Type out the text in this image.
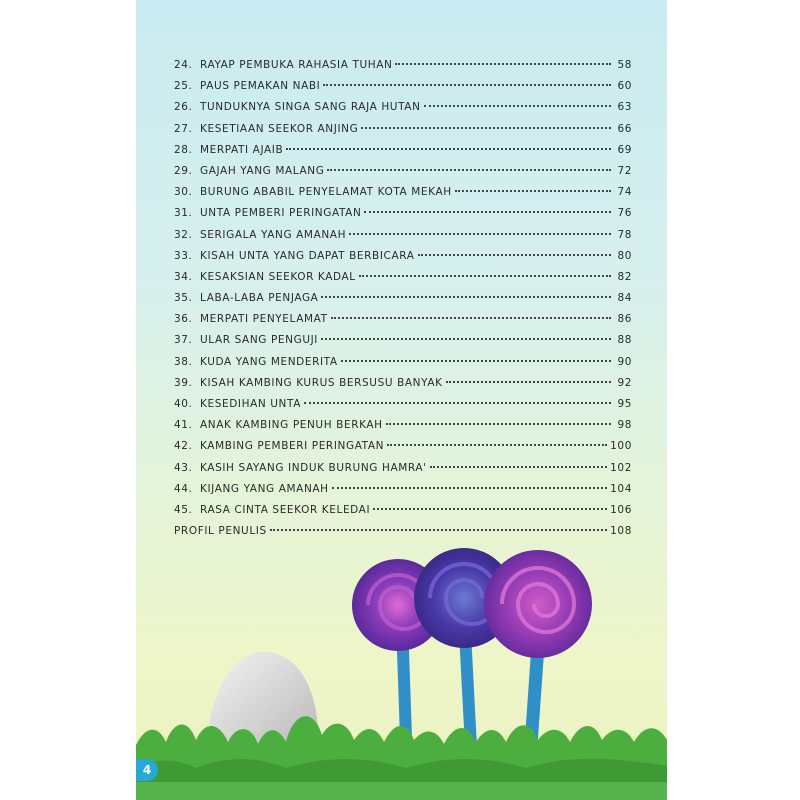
24. RAYAP PEMBUKA RAHASIA TUHAN	58
25. PAUS PEMAKAN NABI	60
26. TUNDUKNYA SINGA SANG RAJA HUTAN	63
27. KESETIAAN SEEKOR ANJING	66
28. MERPATI AJAIB	69
29. GAJAH YANG MALANG	72
30. BURUNG ABABIL PENYELAMAT KOTA MEKAH	74
31. UNTA PEMBERI PERINGATAN	76
32. SERIGALA YANG AMANAH	78
33. KISAH UNTA YANG DAPAT BERBICARA	80
34. KESAKSIAN SEEKOR KADAL	82
35. LABA-LABA PENJAGA	84
36. MERPATI PENYELAMAT	86
37. ULAR SANG PENGUJI	88
38. KUDA YANG MENDERITA	90
39. KISAH KAMBING KURUS BERSUSU BANYAK	92
40. KESEDIHAN UNTA	95
41. ANAK KAMBING PENUH BERKAH	98
42. KAMBING PEMBERI PERINGATAN	100
43. KASIH SAYANG INDUK BURUNG HAMRA'	102
44. KIJANG YANG AMANAH	104
45. RASA CINTA SEEKOR KELEDAI	106
PROFIL PENULIS	108
4
